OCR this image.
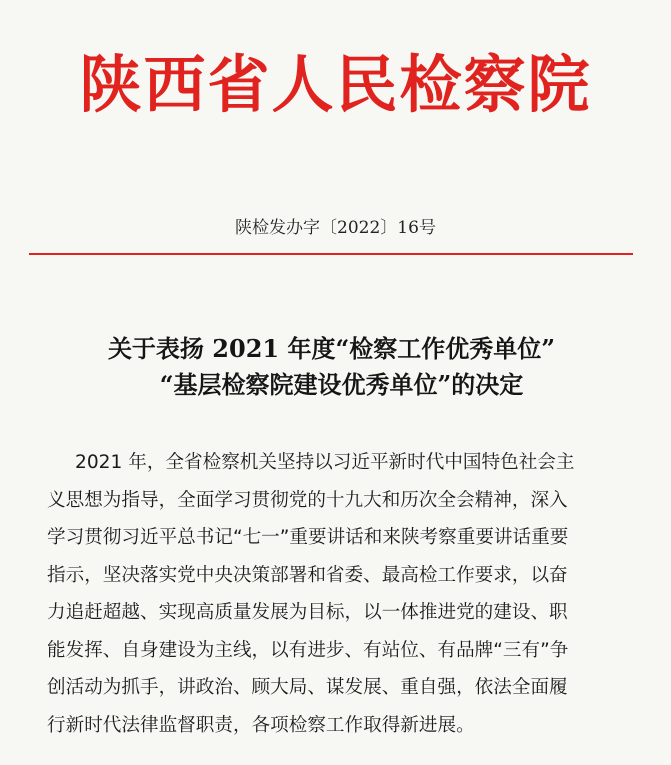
陕西省人民检察院
陕检发办字〔2022〕16号
关于表扬 2021 年度“检察工作优秀单位”
“基层检察院建设优秀单位”的决定
2021 年，全省检察机关坚持以习近平新时代中国特色社会主
义思想为指导，全面学习贯彻党的十九大和历次全会精神，深入
学习贯彻习近平总书记“七一”重要讲话和来陕考察重要讲话重要
指示，坚决落实党中央决策部署和省委、最高检工作要求，以奋
力追赶超越、实现高质量发展为目标，以一体推进党的建设、职
能发挥、自身建设为主线，以有进步、有站位、有品牌“三有”争
创活动为抓手，讲政治、顾大局、谋发展、重自强，依法全面履
行新时代法律监督职责，各项检察工作取得新进展。
